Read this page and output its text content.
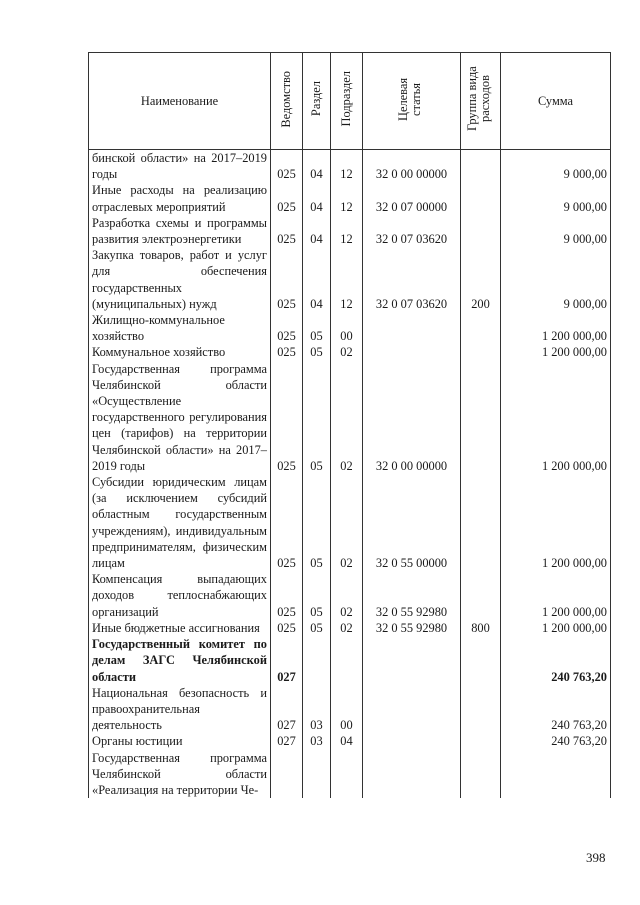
Наименование	Ведомство	Раздел	Подраздел	Целевая статья	Группа вида расходов	Сумма
бинской области» на 2017–2019 годы	025	04	12	32 0 00 00000		9 000,00
Иные расходы на реализацию отраслевых мероприятий	025	04	12	32 0 07 00000		9 000,00
Разработка схемы и программы развития электроэнергетики	025	04	12	32 0 07 03620		9 000,00
Закупка товаров, работ и услуг для обеспечения государственных (муниципальных) нужд	025	04	12	32 0 07 03620	200	9 000,00
Жилищно-коммунальное хозяйство	025	05	00			1 200 000,00
Коммунальное хозяйство	025	05	02			1 200 000,00
Государственная программа Челябинской области «Осуществление государственного регулирования цен (тарифов) на территории Челябинской области» на 2017–2019 годы	025	05	02	32 0 00 00000		1 200 000,00
Субсидии юридическим лицам (за исключением субсидий областным государственным учреждениям), индивидуальным предпринимателям, физическим лицам	025	05	02	32 0 55 00000		1 200 000,00
Компенсация выпадающих доходов теплоснабжающих организаций	025	05	02	32 0 55 92980		1 200 000,00
Иные бюджетные ассигнования	025	05	02	32 0 55 92980	800	1 200 000,00
Государственный комитет по делам ЗАГС Челябинской области	027					240 763,20
Национальная безопасность и правоохранительная деятельность	027	03	00			240 763,20
Органы юстиции	027	03	04			240 763,20
Государственная программа Челябинской области «Реализация на территории Че-						
398
